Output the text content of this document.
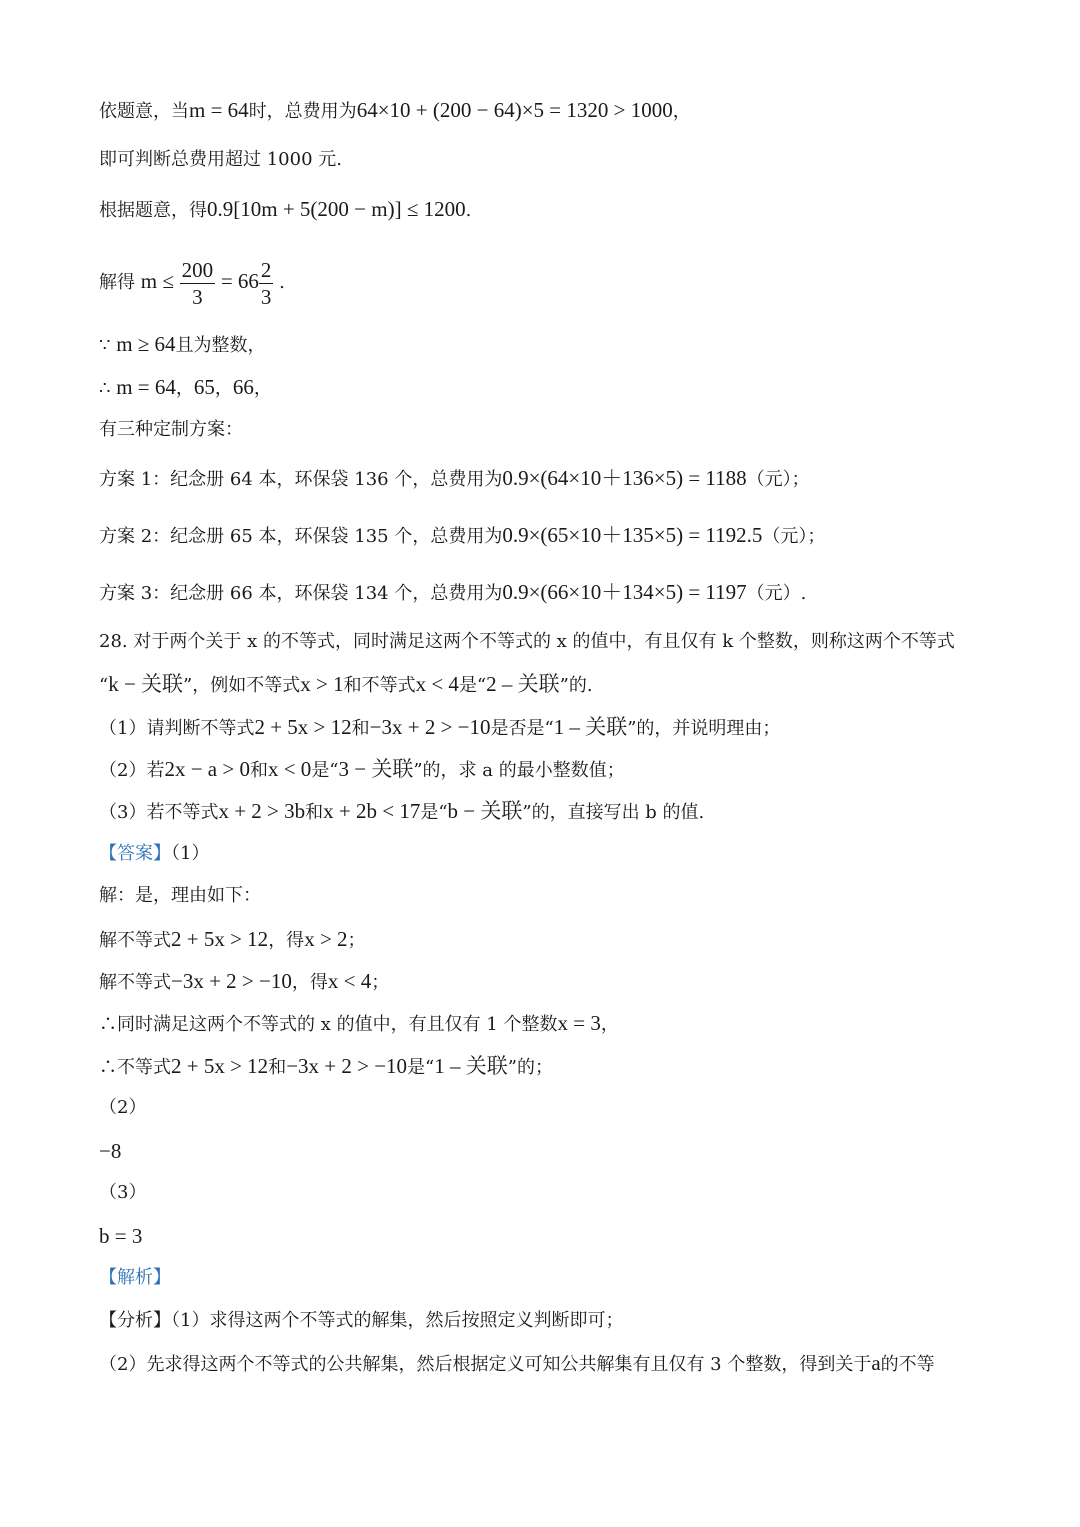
依题意，当m = 64时，总费用为64×10 + (200 − 64)×5 = 1320 > 1000，
即可判断总费用超过 1000 元.
根据题意，得0.9[10m + 5(200 − m)] ≤ 1200.
解得 $m \le \frac{200}{3} = 66 \frac{2}{3}$ .
∵ m ≥ 64且为整数，
∴ m = 64，65，66，
有三种定制方案：
方案 1：纪念册 64 本，环保袋 136 个，总费用为0.9×(64×10＋136×5) = 1188（元）；
方案 2：纪念册 65 本，环保袋 135 个，总费用为0.9×(65×10＋135×5) = 1192.5（元）；
方案 3：纪念册 66 本，环保袋 134 个，总费用为0.9×(66×10＋134×5) = 1197（元）.
28. 对于两个关于 x 的不等式，同时满足这两个不等式的 x 的值中，有且仅有 k 个整数，则称这两个不等式
“k − 关联”，例如不等式x > 1和不等式x < 4是“2 – 关联”的.
（1）请判断不等式2 + 5x > 12和−3x + 2 > −10是否是“1 – 关联”的，并说明理由；
（2）若2x − a > 0和x < 0是“3 − 关联”的，求 a 的最小整数值；
（3）若不等式x + 2 > 3b和x + 2b < 17是“b − 关联”的，直接写出 b 的值.
【答案】（1）
解：是，理由如下：
解不等式2 + 5x > 12，得x > 2；
解不等式−3x + 2 > −10，得x < 4；
∴同时满足这两个不等式的 x 的值中，有且仅有 1 个整数x = 3，
∴不等式2 + 5x > 12和−3x + 2 > −10是“1 – 关联”的；
（2）
−8
（3）
b = 3
【解析】
【分析】（1）求得这两个不等式的解集，然后按照定义判断即可；
（2）先求得这两个不等式的公共解集，然后根据定义可知公共解集有且仅有 3 个整数，得到关于a的不等
